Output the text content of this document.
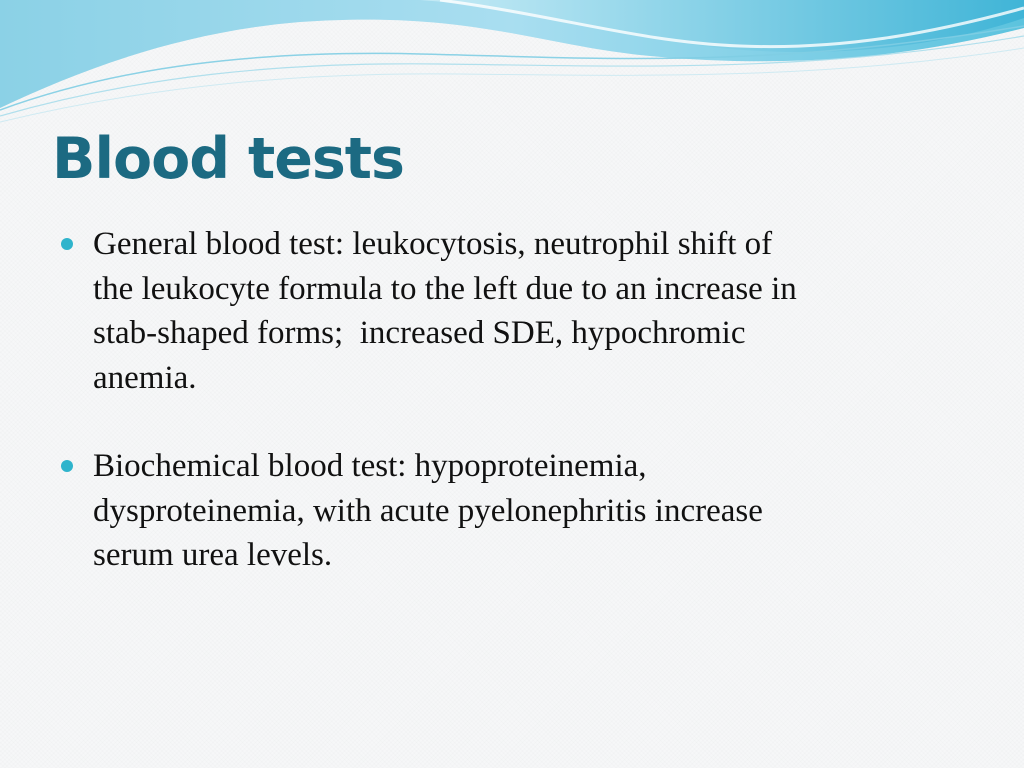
Blood tests
General blood test: leukocytosis, neutrophil shift of
the leukocyte formula to the left due to an increase in
stab-shaped forms;  increased SDE, hypochromic
anemia.
Biochemical blood test: hypoproteinemia,
dysproteinemia, with acute pyelonephritis increase
serum urea levels.
